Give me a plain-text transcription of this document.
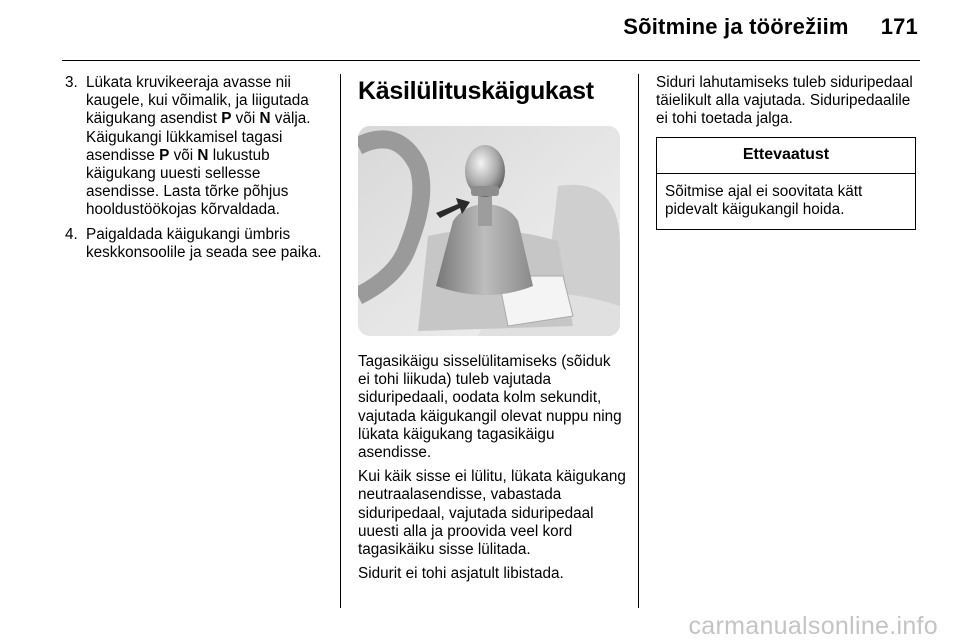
Sõitmine ja töörežiim 171
3. Lükata kruvikeeraja avasse nii kaugele, kui võimalik, ja liigutada käigukang asendist P või N välja. Käigukangi lükkamisel tagasi asendisse P või N lukustub käigukang uuesti sellesse asendisse. Lasta tõrke põhjus hooldustöökojas kõrvaldada.
4. Paigaldada käigukangi ümbris keskkonsoolile ja seada see paika.
Käsilülituskäigukast

Tagasikäigu sisselülitamiseks (sõiduk ei tohi liikuda) tuleb vajutada siduripedaali, oodata kolm sekundit, vajutada käigukangil olevat nuppu ning lükata käigukang tagasikäigu asendisse.

Kui käik sisse ei lülitu, lükata käigukang neutraalasendisse, vabastada siduripedaal, vajutada siduripedaal uuesti alla ja proovida veel kord tagasikäiku sisse lülitada.

Sidurit ei tohi asjatult libistada.

Siduri lahutamiseks tuleb siduripedaal täielikult alla vajutada. Siduripedaalile ei tohi toetada jalga.

Ettevaatust
Sõitmise ajal ei soovitata kätt pidevalt käigukangil hoida.
carmanualsonline.info
